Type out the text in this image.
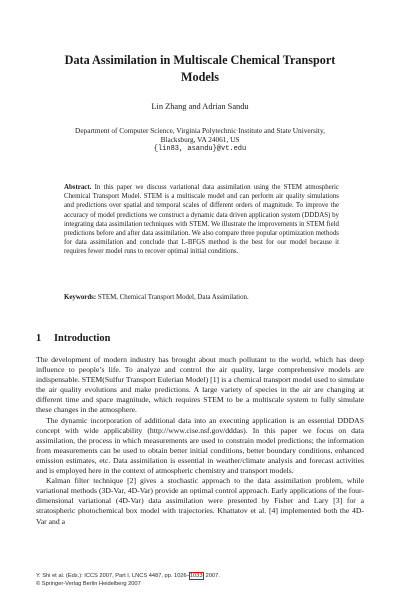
Data Assimilation in Multiscale Chemical Transport
Models
Lin Zhang and Adrian Sandu
Department of Computer Science, Virginia Polytechnic Institute and State University,
Blacksburg, VA 24061, US
{lin83, asandu}@vt.edu
Abstract. In this paper we discuss variational data assimilation using the STEM atmospheric Chemical Transport Model. STEM is a multiscale model and can perform air quality simulations and predictions over spatial and temporal scales of different orders of magnitude. To improve the accuracy of model predictions we construct a dynamic data driven application system (DDDAS) by integrating data assimilation techniques with STEM. We illustrate the improvements in STEM field predictions before and after data assimilation. We also compare three popular optimization methods for data assimilation and conclude that L-BFGS method is the best for our model because it requires fewer model runs to recover optimal initial conditions.
Keywords: STEM, Chemical Transport Model, Data Assimilation.
1 Introduction

The development of modern industry has brought about much pollutant to the world, which has deep influence to people’s life. To analyze and control the air quality, large comprehensive models are indispensable. STEM(Sulfur Transport Eulerian Model) [1] is a chemical transport model used to simulate the air quality evolutions and make predictions. A large variety of species in the air are changing at different time and space magnitude, which requires STEM to be a multiscale system to fully simulate these changes in the atmosphere.

The dynamic incorporation of additional data into an executing application is an essential DDDAS concept with wide applicability (http://www.cise.nsf.gov/dddas). In this paper we focus on data assimilation, the process in which measurements are used to constrain model predictions; the information from measurements can be used to obtain better initial conditions, better boundary conditions, enhanced emission estimates, etc. Data assimilation is essential in weather/climate analysis and forecast activities and is employed here in the context of atmospheric chemistry and transport models.

Kalman filter technique [2] gives a stochastic approach to the data assimilation problem, while variational methods (3D-Var, 4D-Var) provide an optimal control approach. Early applications of the four-dimensional variational (4D-Var) data assimilation were presented by Fisher and Lary [3] for a stratospheric photochemical box model with trajectories. Khattatov et al. [4] implemented both the 4D-Var and a

Y. Shi et al. (Eds.): ICCS 2007, Part I, LNCS 4487, pp. 1026–1033, 2007.
© Springer-Verlag Berlin Heidelberg 2007
